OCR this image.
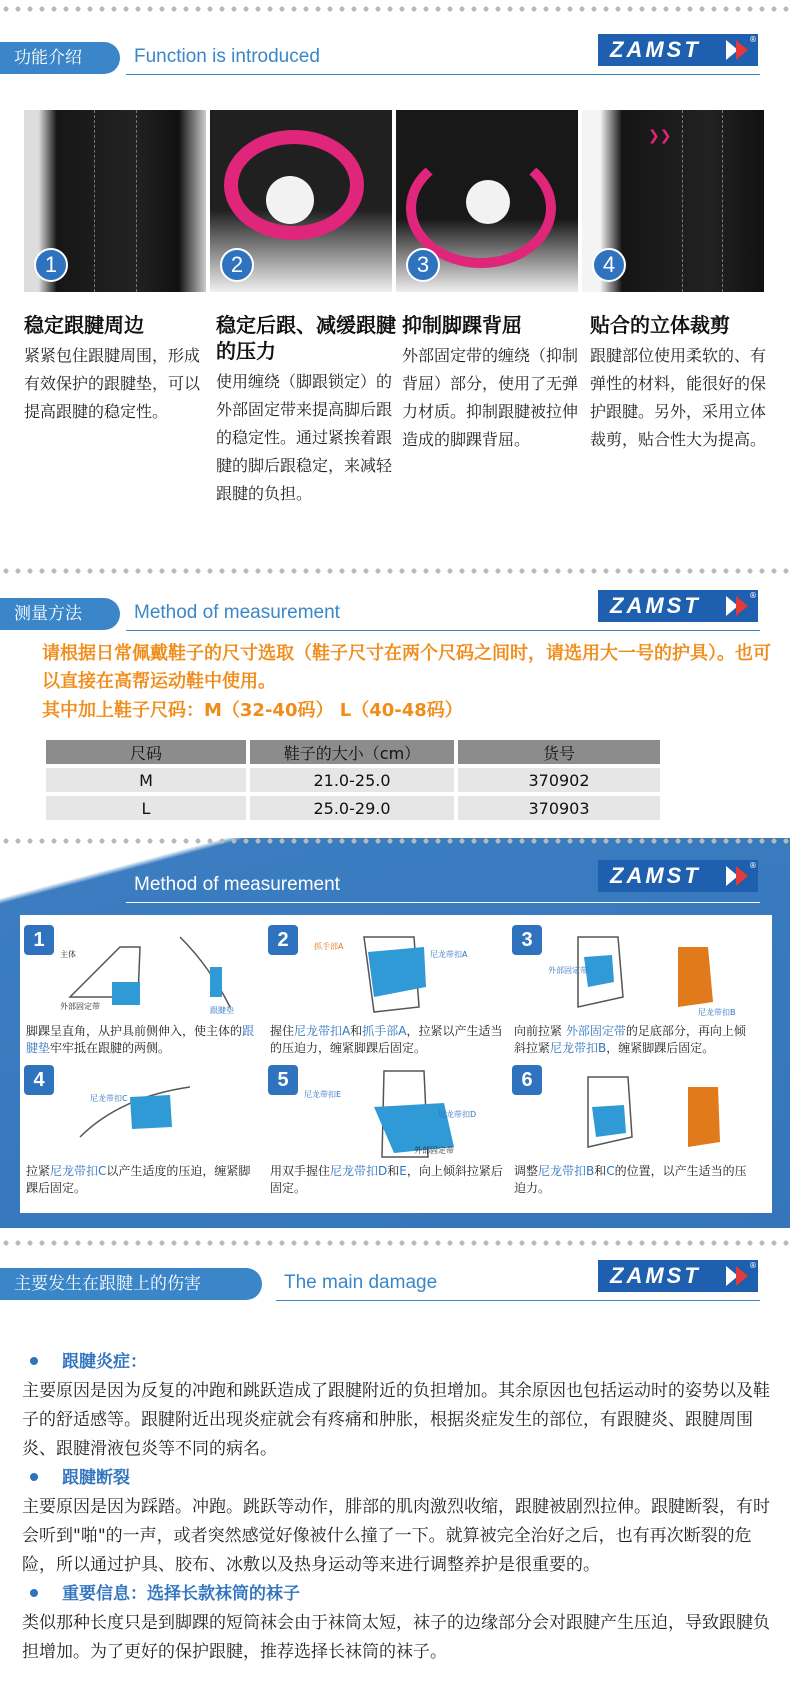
功能介绍	Function is introduced	ZAMST	®
1	2	3
❯❯
4
稳定跟腱周边

紧紧包住跟腱周围，形成有效保护的跟腱垫，可以提高跟腱的稳定性。

稳定后跟、减缓跟腱的压力

使用缠绕（脚跟锁定）的外部固定带来提高脚后跟的稳定性。通过紧挨着跟腱的脚后跟稳定，来减轻跟腱的负担。

抑制脚踝背屈

外部固定带的缠绕（抑制背屈）部分，使用了无弹力材质。抑制跟腱被拉伸造成的脚踝背屈。

贴合的立体裁剪

跟腱部位使用柔软的、有弹性的材料，能很好的保护跟腱。另外，采用立体裁剪，贴合性大为提高。

测量方法	Method of measurement	ZAMST	®
请根据日常佩戴鞋子的尺寸选取（鞋子尺寸在两个尺码之间时，请选用大一号的护具）。也可以直接在高帮运动鞋中使用。
其中加上鞋子尺码：M（32-40码） L（40-48码）
尺码	鞋子的大小（cm）	货号
M	21.0-25.0	370902
L	25.0-29.0	370903
Method of measurement	ZAMST	®
1
主体
外部固定带	跟腱垫
脚踝呈直角，从护具前侧伸入，使主体的跟腱垫牢牢抵在跟腱的两侧。
2	抓手部A
尼龙带扣A
握住尼龙带扣A和抓手部A，拉紧以产生适当的压迫力，缠紧脚踝后固定。
3
外部固定带
尼龙带扣B
向前拉紧 外部固定带的足底部分，再向上倾斜拉紧尼龙带扣B，缠紧脚踝后固定。
4
尼龙带扣C
拉紧尼龙带扣C以产生适度的压迫，缠紧脚踝后固定。
5
尼龙带扣E
尼龙带扣D
外部固定带
用双手握住尼龙带扣D和E，向上倾斜拉紧后固定。
6
调整尼龙带扣B和C的位置，以产生适当的压迫力。
主要发生在跟腱上的伤害	The main damage	ZAMST	®
跟腱炎症：
主要原因是因为反复的冲跑和跳跃造成了跟腱附近的负担增加。其余原因也包括运动时的姿势以及鞋子的舒适感等。跟腱附近出现炎症就会有疼痛和肿胀，根据炎症发生的部位，有跟腱炎、跟腱周围炎、跟腱滑液包炎等不同的病名。
跟腱断裂
主要原因是因为踩踏。冲跑。跳跃等动作，腓部的肌肉激烈收缩，跟腱被剧烈拉伸。跟腱断裂，有时会听到"啪"的一声，或者突然感觉好像被什么撞了一下。就算被完全治好之后，也有再次断裂的危险，所以通过护具、胶布、冰敷以及热身运动等来进行调整养护是很重要的。
重要信息：选择长款袜筒的袜子
类似那种长度只是到脚踝的短筒袜会由于袜筒太短，袜子的边缘部分会对跟腱产生压迫，导致跟腱负担增加。为了更好的保护跟腱，推荐选择长袜筒的袜子。
